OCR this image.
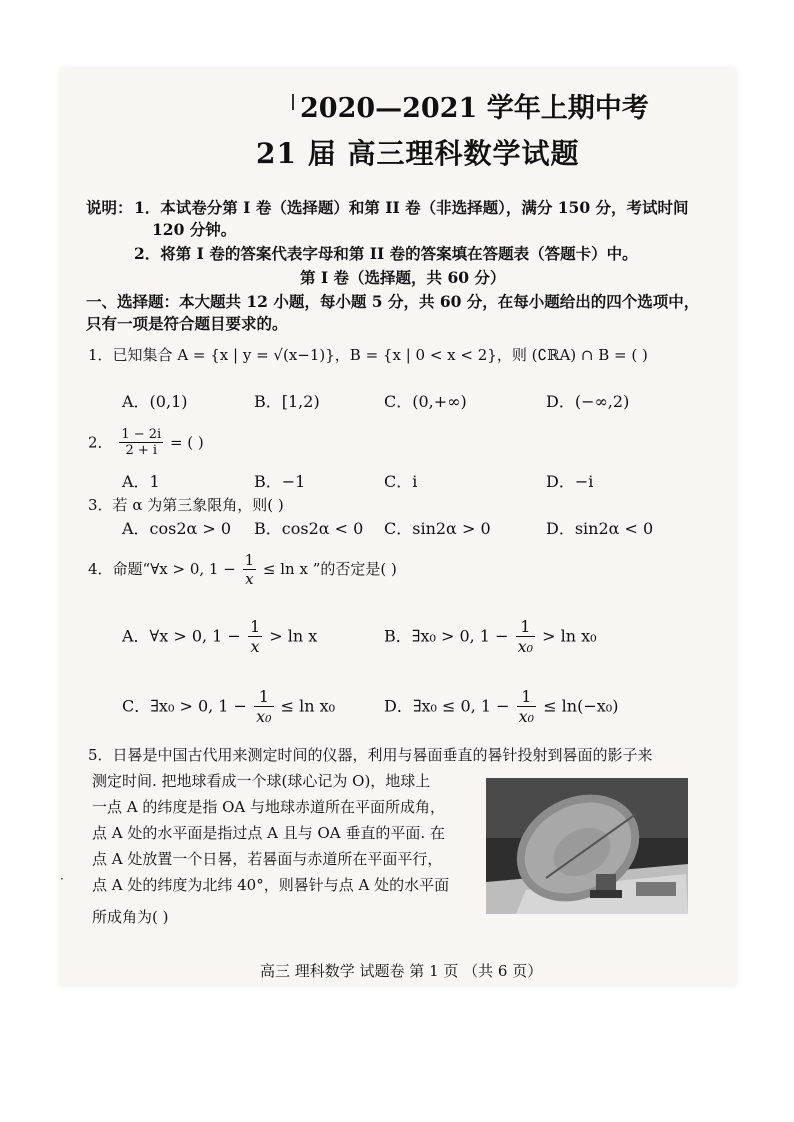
2020—2021 学年上期中考
21 届 高三理科数学试题
说明： 1．本试卷分第 I 卷（选择题）和第 II 卷（非选择题），满分 150 分，考试时间
120 分钟。
2．将第 I 卷的答案代表字母和第 II 卷的答案填在答题表（答题卡）中。
第 I 卷（选择题，共 60 分）
一、选择题：本大题共 12 小题，每小题 5 分，共 60 分，在每小题给出的四个选项中，
只有一项是符合题目要求的。
1．已知集合 A = {x | y = √(x−1)}，B = {x | 0 < x < 2}，则 (∁ℝA) ∩ B = ( )
A．(0,1)	B．[1,2)	C．(0,+∞)	D．(−∞,2)
2． $\frac{1 - 2i}{2 + i}$ = ( )
A．1	B．−1	C．i	D．−i
3．若 α 为第三象限角，则( )
A．cos2α > 0 B．cos2α < 0 C．sin2α > 0	D．sin2α < 0
4．命题“∀x > 0, $1 - \frac{1}{x} \le \ln x$ ”的否定是( )
A．∀x > 0, $1 - \frac{1}{x} > \ln x$	B．∃x₀ > 0, $1 - \frac{1}{\text{x₀}} > \ln x_0$
C．∃x₀ > 0, $1 - \frac{1}{\text{x₀}} \le \ln x_0$	D．∃x₀ ≤ 0, $1 - \frac{1}{\text{x₀}} \le \ln(-x_0)$
5．日晷是中国古代用来测定时间的仪器，利用与晷面垂直的晷针投射到晷面的影子来
测定时间. 把地球看成一个球(球心记为 O)，地球上
一点 A 的纬度是指 OA 与地球赤道所在平面所成角，
点 A 处的水平面是指过点 A 且与 OA 垂直的平面. 在
点 A 处放置一个日晷，若晷面与赤道所在平面平行，
点 A 处的纬度为北纬 40°，则晷针与点 A 处的水平面
所成角为( )
·
高三 理科数学 试题卷 第 1 页 （共 6 页）
